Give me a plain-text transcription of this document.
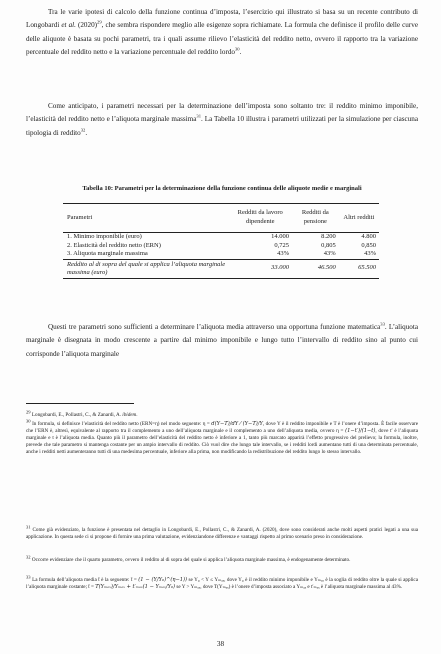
Tra le varie ipotesi di calcolo della funzione continua d’imposta, l’esercizio qui illustrato si basa su un recente contributo di Longobardi et al. $(2020)^{29}$, che sembra rispondere meglio alle esigenze sopra richiamate. La formula che definisce il profilo delle curve delle aliquote è basata su pochi parametri, tra i quali assume rilievo l’elasticità del reddito netto, ovvero il rapporto tra la variazione percentuale del reddito netto e la variazione percentuale del reddito lordo$^{30}$.
Come anticipato, i parametri necessari per la determinazione dell’imposta sono soltanto tre: il reddito minimo imponibile, l’elasticità del reddito netto e l’aliquota marginale massima$^{31}$. La Tabella 10 illustra i parametri utilizzati per la simulazione per ciascuna tipologia di reddito$^{32}$.
Tabella 10: Parametri per la determinazione della funzione continua delle aliquote medie e marginali
Parametri	Redditi da lavoro dipendente	Redditi da pensione	Altri redditi
1. Minimo imponibile (euro)	14.000	8.200	4.800
2. Elasticità del reddito netto (ERN)	0,725	0,805	0,850
3. Aliquota marginale massima	43%	43%	43%
Reddito al di sopra del quale si applica l’aliquota marginale massima (euro)	33.000	46.500	65.500
Questi tre parametri sono sufficienti a determinare l’aliquota media attraverso una opportuna funzione matematica$^{33}$. L’aliquota marginale è disegnata in modo crescente a partire dal minimo imponibile e lungo tutto l’intervallo di reddito sino al punto cui corrisponde l’aliquota marginale
$^{29}$ Longobardi, E., Pollastri, C., & Zanardi, A. ibidem.
$^{30}$ In formula, si definisce l’elasticità del reddito netto (ERN=η) nel modo seguente: η = d(Y−T)/dY ⁄ (Y−T)/Y, dove Y è il reddito imponibile e T è l’onere d’imposta. È facile osservare che l’ERN è, altresì, equivalente al rapporto tra il complemento a uno dell’aliquota marginale e il complemento a uno dell’aliquota media, ovvero η = (1−t′)/(1−t), dove t′ è l’aliquota marginale e t è l’aliquota media. Quanto più il parametro dell’elasticità del reddito netto è inferiore a 1, tanto più marcato apparirà l’effetto progressivo del prelievo; la formula, inoltre, prevede che tale parametro si mantenga costante per un ampio intervallo di reddito. Ciò vuol dire che lungo tale intervallo, se i redditi lordi aumentano tutti di una determinata percentuale, anche i redditi netti aumenteranno tutti di una medesima percentuale, inferiore alla prima, non modificando la redistribuzione del reddito lungo lo stesso intervallo.
$^{31}$ Come già evidenziato, la funzione è presentata nel dettaglio in Longobardi, E., Pollastri, C., & Zanardi, A. (2020), dove sono considerati anche molti aspetti pratici legati a una sua applicazione. In questa sede ci si propone di fornire una prima valutazione, evidenziandone differenze e vantaggi rispetto al primo scenario preso in considerazione.
$^{32}$ Occorre evidenziare che il quarto parametro, ovvero il reddito al di sopra del quale si applica l’aliquota marginale massima, è endogenamente determinato.
$^{33}$ La formula dell’aliquota media t̄ è la seguente: t̄ = (1 − (Y/Y₀)^(η−1)) se Y₀ < Y ≤ Yₘₐₓ, dove Y₀ è il reddito minimo imponibile e Yₘₐₓ è la soglia di reddito oltre la quale si applica l’aliquota marginale costante; t̄ = T(Yₘₐₓ)/Yₘₐₓ + t′ₘₐₓ(1 − Yₘₐₓ/Y₀) se Y > Yₘₐₓ, dove T(Yₘₐₓ) è l’onere d’imposta associato a Yₘₐₓ e t′ₘₐₓ è l’aliquota marginale massima al 43%.
38
